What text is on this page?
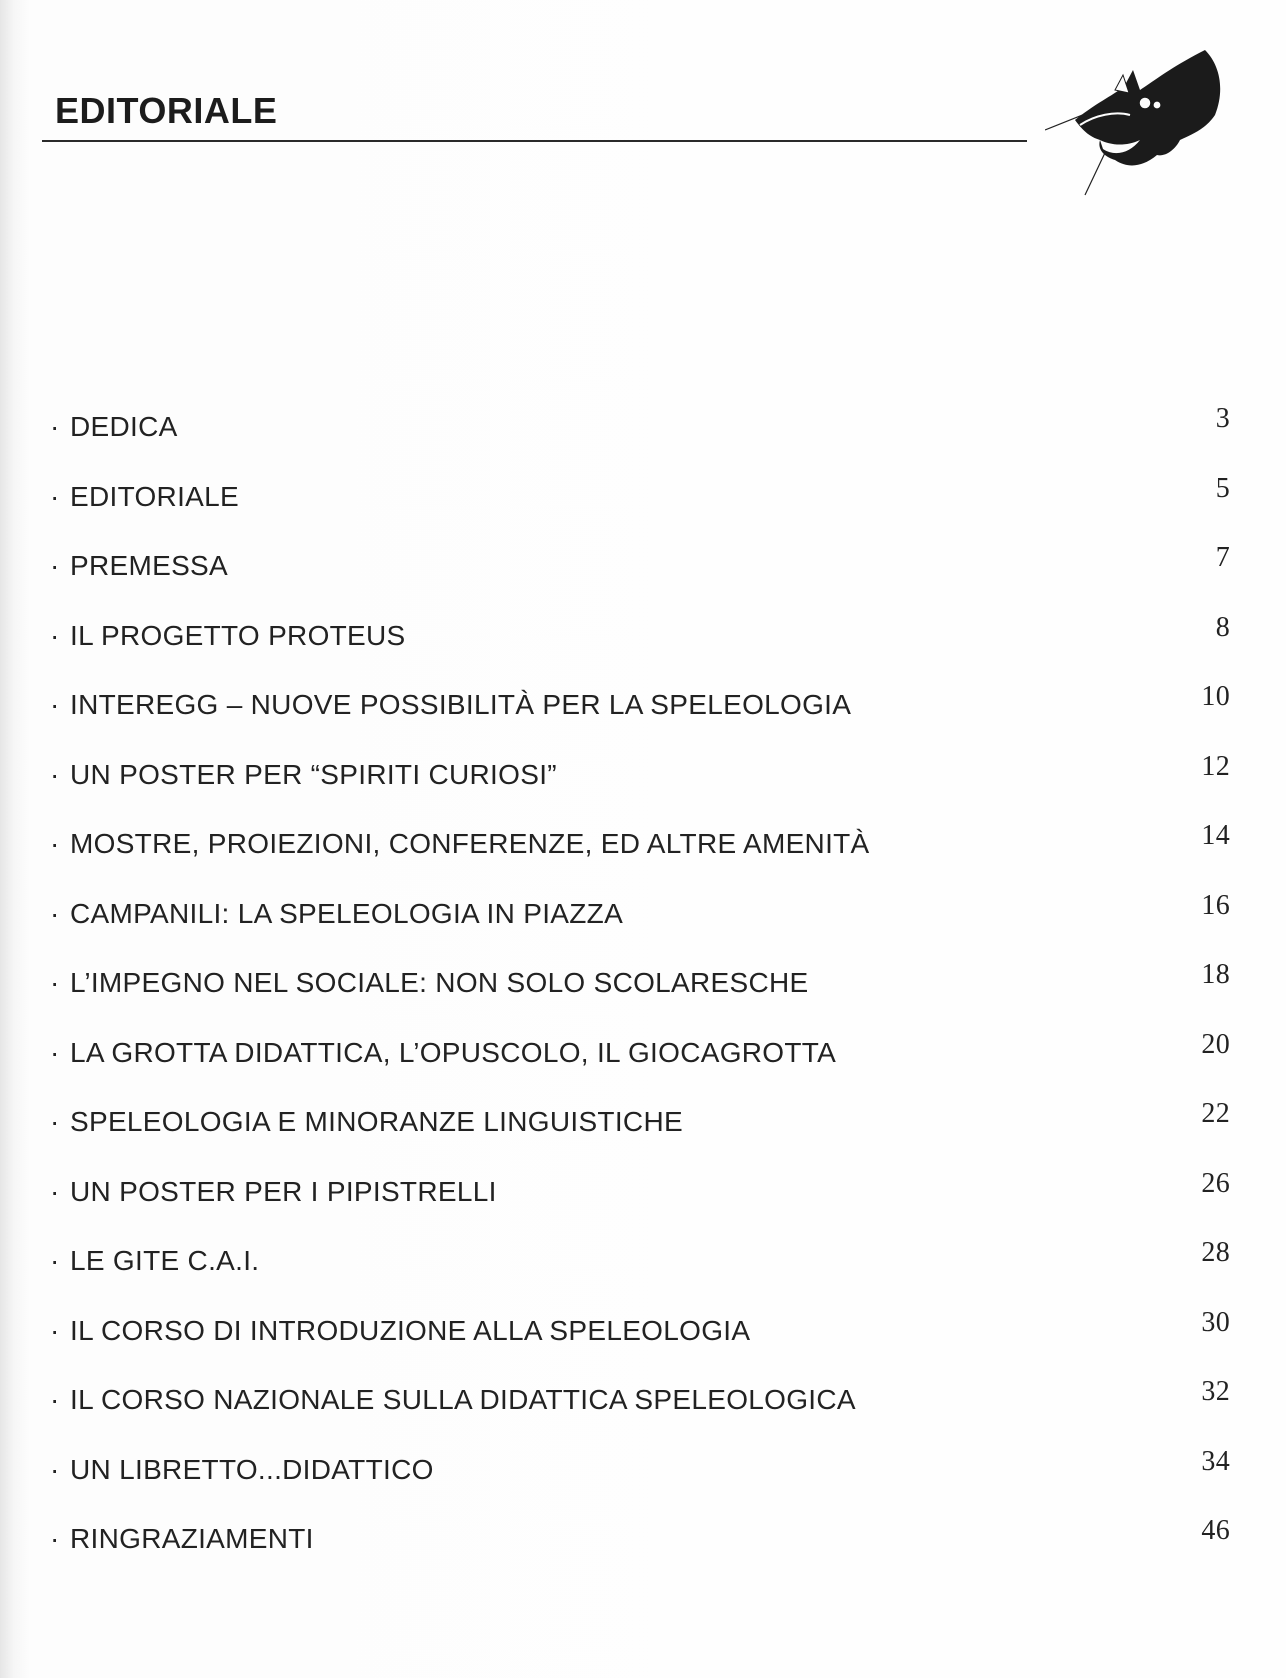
EDITORIALE
· DEDICA	3
· EDITORIALE	5
· PREMESSA	7
· IL PROGETTO PROTEUS	8
· INTEREGG – NUOVE POSSIBILITÀ PER LA SPELEOLOGIA	10
· UN POSTER PER “SPIRITI CURIOSI”	12
· MOSTRE, PROIEZIONI, CONFERENZE, ED ALTRE AMENITÀ	14
· CAMPANILI: LA SPELEOLOGIA IN PIAZZA	16
· L’IMPEGNO NEL SOCIALE: NON SOLO SCOLARESCHE	18
· LA GROTTA DIDATTICA, L’OPUSCOLO, IL GIOCAGROTTA	20
· SPELEOLOGIA E MINORANZE LINGUISTICHE	22
· UN POSTER PER I PIPISTRELLI	26
· LE GITE C.A.I.	28
· IL CORSO DI INTRODUZIONE ALLA SPELEOLOGIA	30
· IL CORSO NAZIONALE SULLA DIDATTICA SPELEOLOGICA	32
· UN LIBRETTO...DIDATTICO	34
· RINGRAZIAMENTI	46
